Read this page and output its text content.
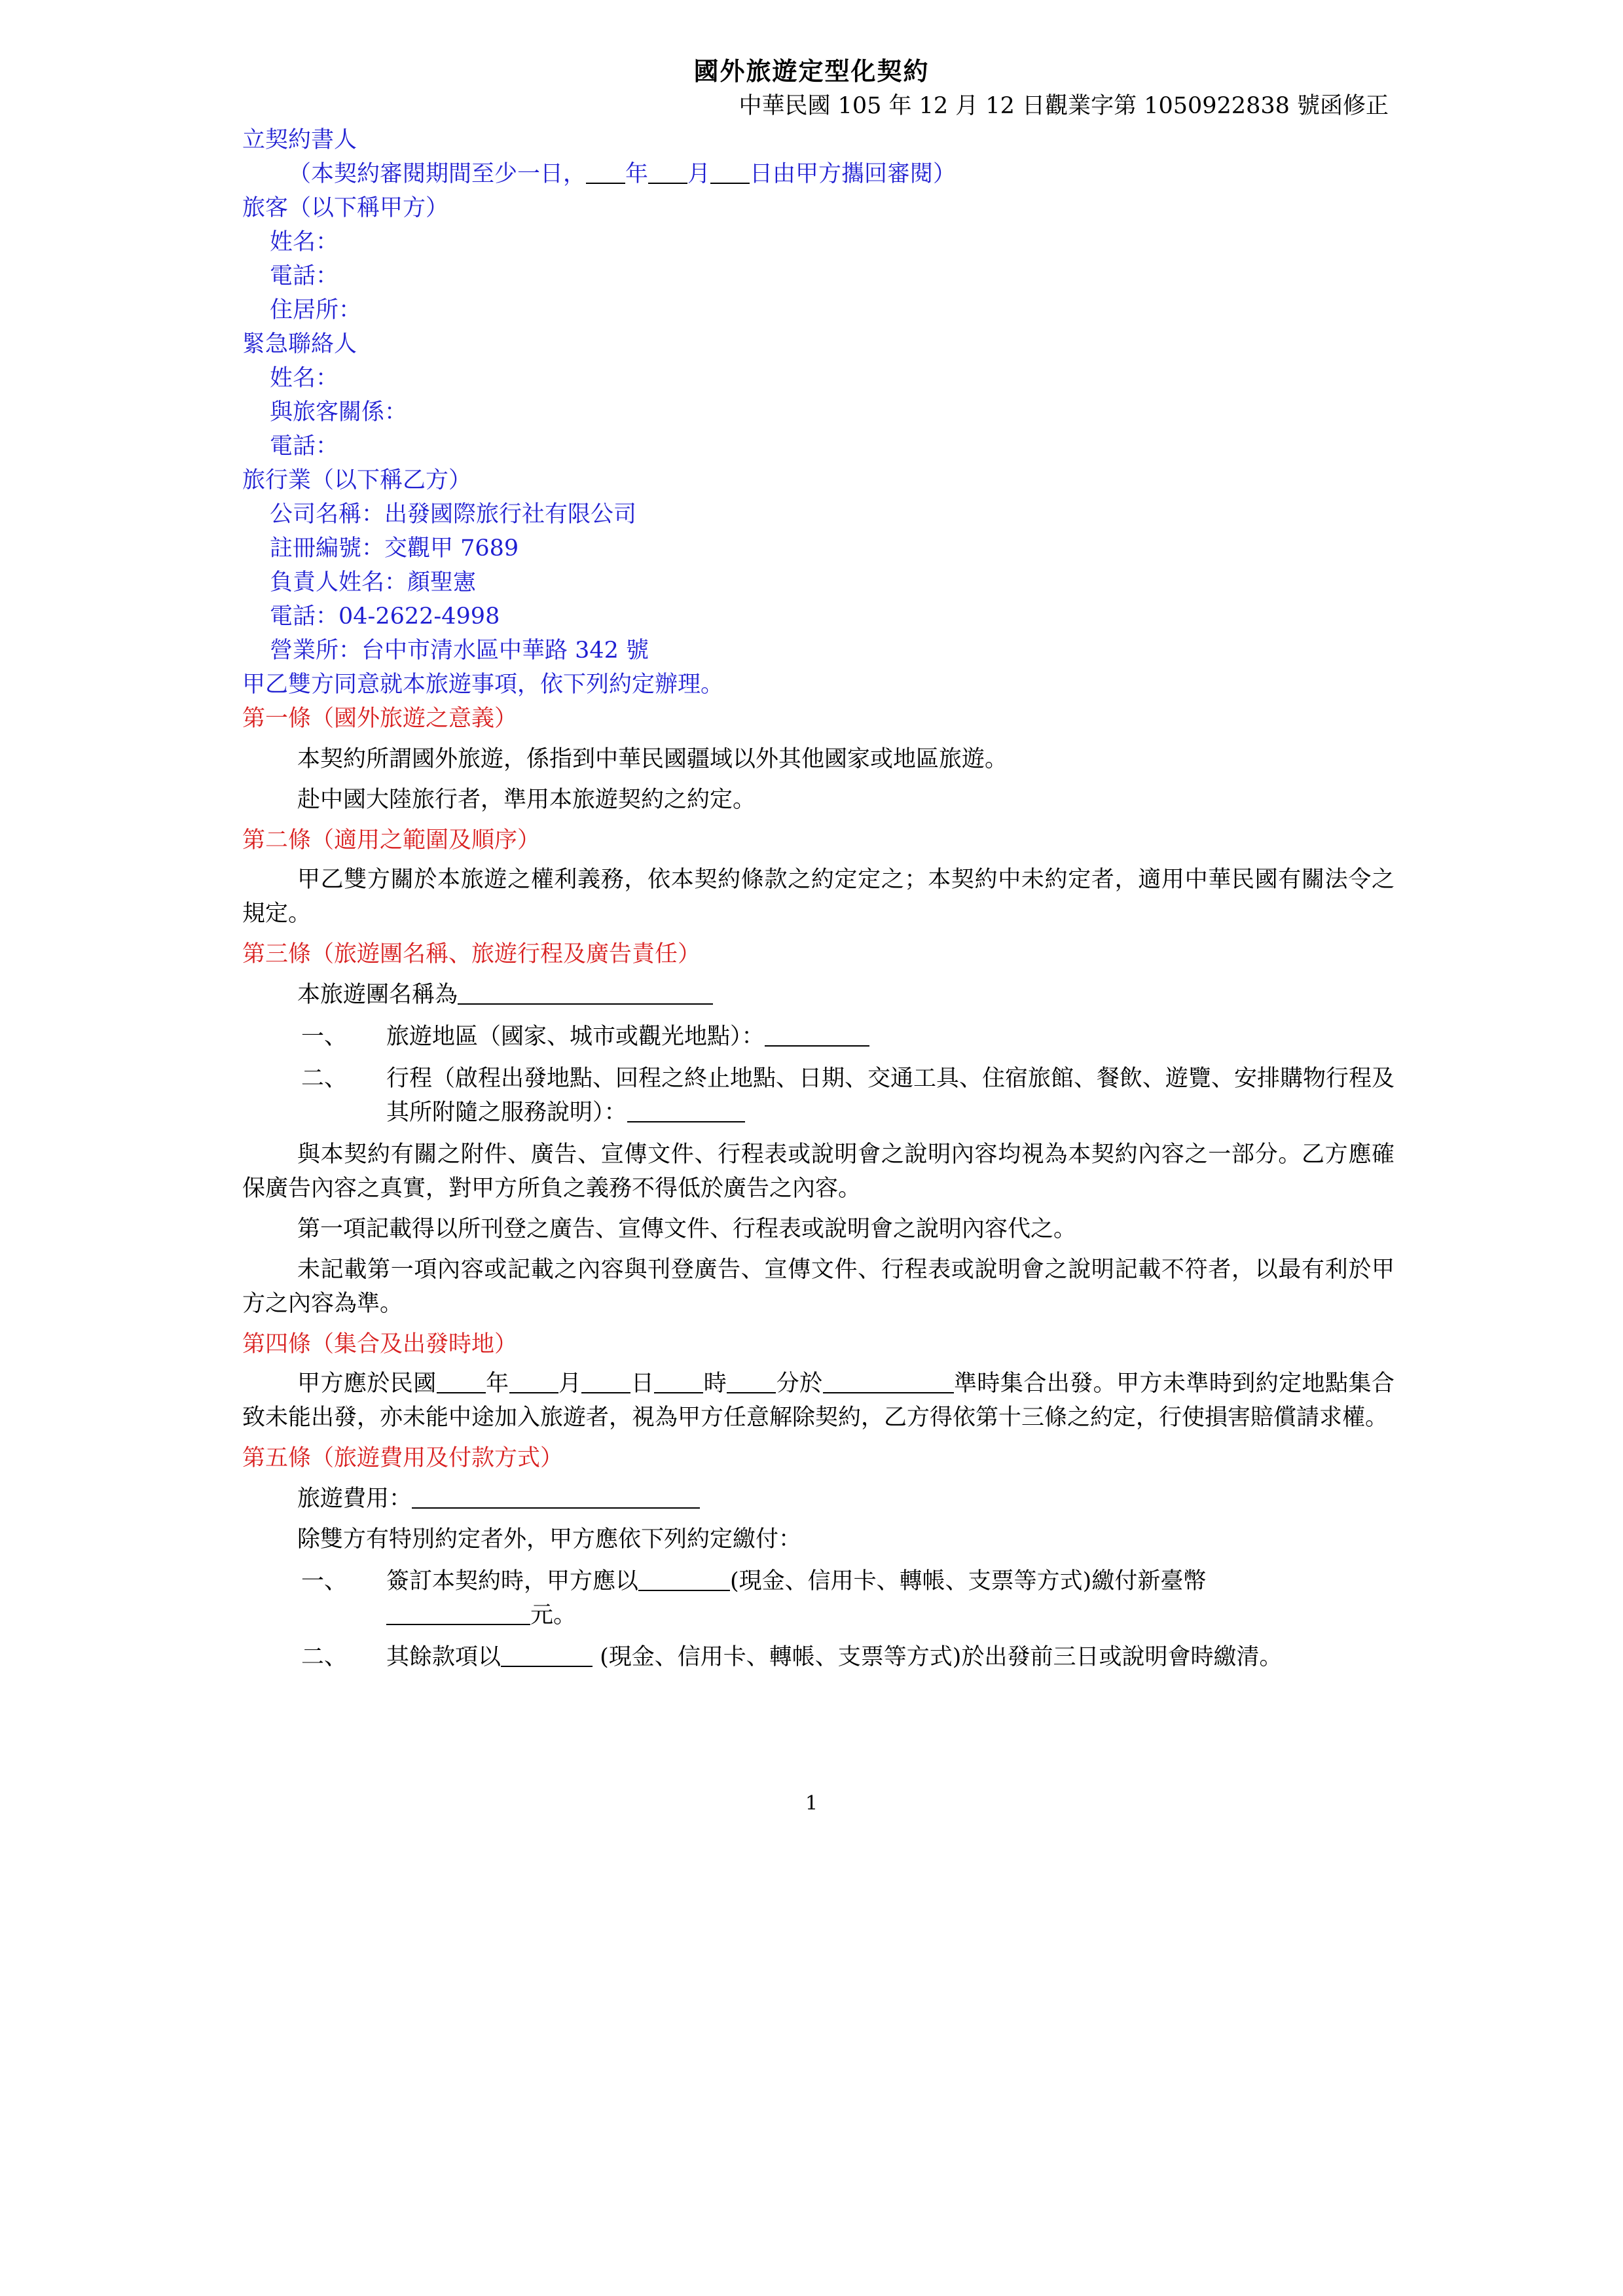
國外旅遊定型化契約
中華民國 105 年 12 月 12 日觀業字第 1050922838 號函修正
立契約書人
（本契約審閱期間至少一日， 年 月 日由甲方攜回審閱）
旅客（以下稱甲方）
姓名：
電話：
住居所：
緊急聯絡人
姓名：
與旅客關係：
電話：
旅行業（以下稱乙方）
公司名稱：出發國際旅行社有限公司
註冊編號：交觀甲 7689
負責人姓名：顏聖憲
電話：04-2622-4998
營業所：台中市清水區中華路 342 號
甲乙雙方同意就本旅遊事項，依下列約定辦理。
第一條（國外旅遊之意義）
本契約所謂國外旅遊，係指到中華民國疆域以外其他國家或地區旅遊。
赴中國大陸旅行者，準用本旅遊契約之約定。
第二條（適用之範圍及順序）
甲乙雙方關於本旅遊之權利義務，依本契約條款之約定定之；本契約中未約定者，適用中華民國有關法令之規定。
第三條（旅遊團名稱、旅遊行程及廣告責任）
本旅遊團名稱為
一、	旅遊地區（國家、城市或觀光地點）：
二、	行程（啟程出發地點、回程之終止地點、日期、交通工具、住宿旅館、餐飲、遊覽、安排購物行程及其所附隨之服務說明）：
與本契約有關之附件、廣告、宣傳文件、行程表或說明會之說明內容均視為本契約內容之一部分。乙方應確保廣告內容之真實，對甲方所負之義務不得低於廣告之內容。
第一項記載得以所刊登之廣告、宣傳文件、行程表或說明會之說明內容代之。
未記載第一項內容或記載之內容與刊登廣告、宣傳文件、行程表或說明會之說明記載不符者，以最有利於甲方之內容為準。
第四條（集合及出發時地）
甲方應於民國 年 月 日 時 分於	準時集合出發。甲方未準時到約定地點集合致未能出發，亦未能中途加入旅遊者，視為甲方任意解除契約，乙方得依第十三條之約定，行使損害賠償請求權。
第五條（旅遊費用及付款方式）
旅遊費用：
除雙方有特別約定者外，甲方應依下列約定繳付：
一、	簽訂本契約時，甲方應以	(現金、信用卡、轉帳、支票等方式)繳付新臺幣
元。
二、	其餘款項以	(現金、信用卡、轉帳、支票等方式)於出發前三日或說明會時繳清。
1
